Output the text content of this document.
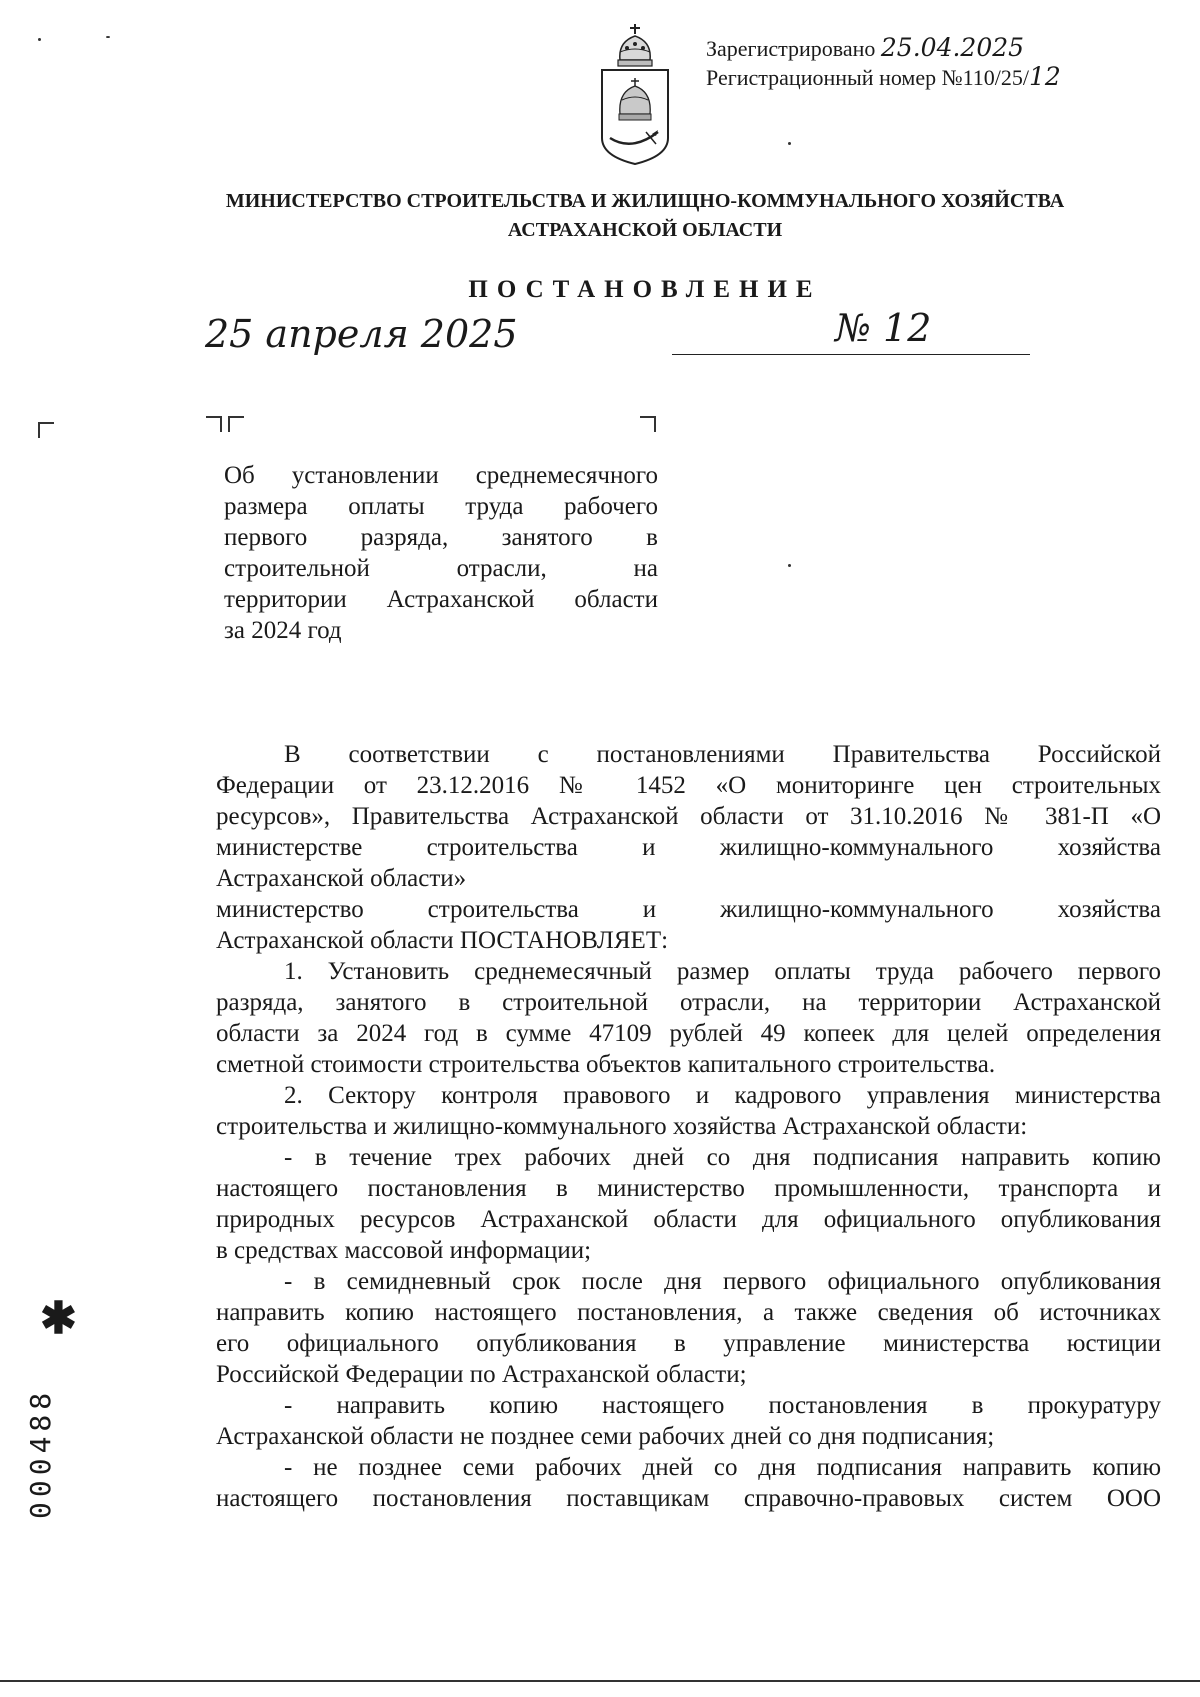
Зарегистрировано 25.04.2025
Регистрационный номер №110/25/12
МИНИСТЕРСТВО СТРОИТЕЛЬСТВА И ЖИЛИЩНО-КОММУНАЛЬНОГО ХОЗЯЙСТВА
АСТРАХАНСКОЙ ОБЛАСТИ
ПОСТАНОВЛЕНИЕ
25 апреля 2025	№ 12
Об установлении среднемесячного
размера оплаты труда рабочего
первого разряда, занятого в
строительной отрасли, на
территории Астраханской области
за 2024 год
В соответствии с постановлениями Правительства Российской
Федерации от 23.12.2016 № 1452 «О мониторинге цен строительных
ресурсов», Правительства Астраханской области от 31.10.2016 № 381-П «О
министерстве строительства и жилищно-коммунального хозяйства
Астраханской области»
министерство строительства и жилищно-коммунального хозяйства
Астраханской области ПОСТАНОВЛЯЕТ:
1. Установить среднемесячный размер оплаты труда рабочего первого
разряда, занятого в строительной отрасли, на территории Астраханской
области за 2024 год в сумме 47109 рублей 49 копеек для целей определения
сметной стоимости строительства объектов капитального строительства.
2. Сектору контроля правового и кадрового управления министерства
строительства и жилищно-коммунального хозяйства Астраханской области:
- в течение трех рабочих дней со дня подписания направить копию
настоящего постановления в министерство промышленности, транспорта и
природных ресурсов Астраханской области для официального опубликования
в средствах массовой информации;
- в семидневный срок после дня первого официального опубликования
направить копию настоящего постановления, а также сведения об источниках
его официального опубликования в управление министерства юстиции
Российской Федерации по Астраханской области;
- направить копию настоящего постановления в прокуратуру
Астраханской области не позднее семи рабочих дней со дня подписания;
- не позднее семи рабочих дней со дня подписания направить копию
настоящего постановления поставщикам справочно-правовых систем ООО
✱
000488
